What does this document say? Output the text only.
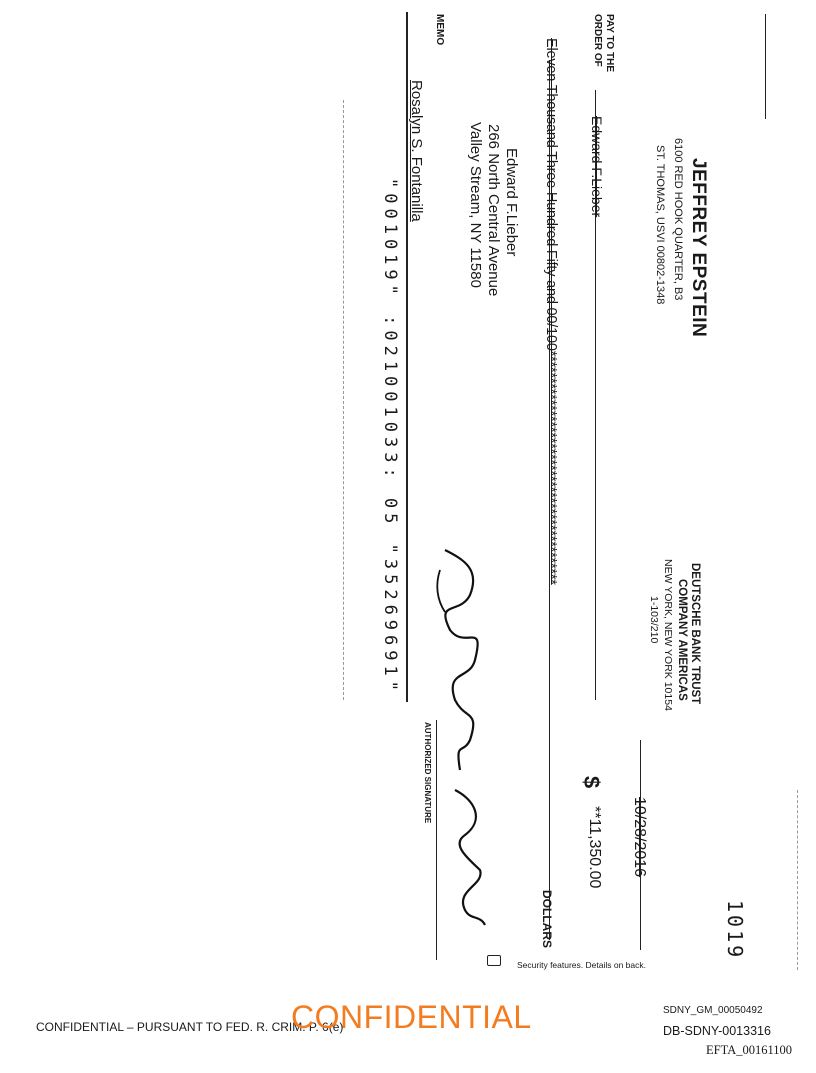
JEFFREY EPSTEIN
6100 RED HOOK QUARTER, B3
ST. THOMAS, USVI 00802-1348
DEUTSCHE BANK TRUST
COMPANY AMERICAS
NEW YORK, NEW YORK 10154
1-103/210
1019
10/28/2016
PAY TO THE
ORDER OF
Edward F.Lieber
$
**11,350.00
Eleven Thousand Three Hundred Fifty and 00/100*******************************************
DOLLARS
Edward F.Lieber
266 North Central Avenue
Valley Stream, NY 11580
MEMO
Rosalyn S. Fontanilla
"001019" :021001033: 05 "35269691"
AUTHORIZED SIGNATURE
Security features. Details on back.
CONFIDENTIAL – PURSUANT TO FED. R. CRIM. P. 6(e)
CONFIDENTIAL	SDNY_GM_00050492
DB-SDNY-0013316
EFTA_00161100
